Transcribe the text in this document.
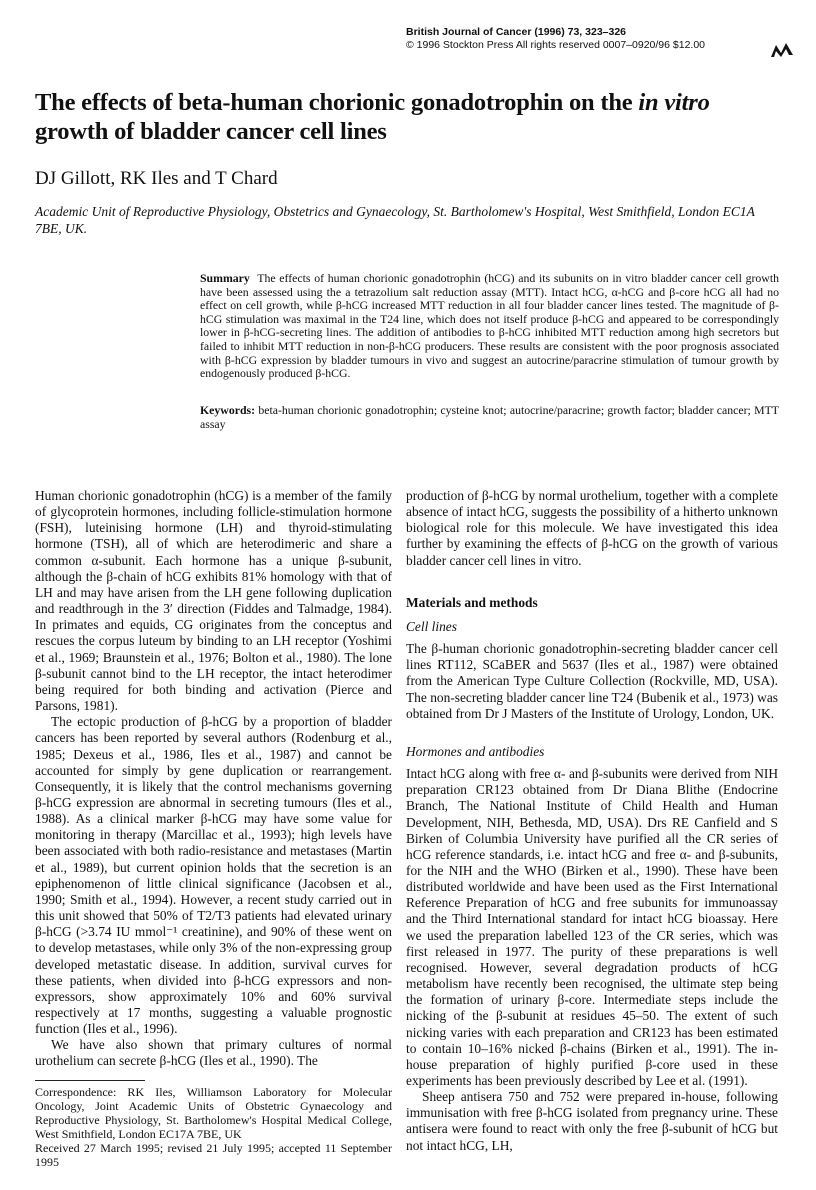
British Journal of Cancer (1996) 73, 323–326
© 1996 Stockton Press All rights reserved 0007–0920/96 $12.00
The effects of beta-human chorionic gonadotrophin on the in vitro growth of bladder cancer cell lines
DJ Gillott, RK Iles and T Chard
Academic Unit of Reproductive Physiology, Obstetrics and Gynaecology, St. Bartholomew's Hospital, West Smithfield, London EC1A 7BE, UK.
Summary The effects of human chorionic gonadotrophin (hCG) and its subunits on in vitro bladder cancer cell growth have been assessed using the a tetrazolium salt reduction assay (MTT). Intact hCG, α-hCG and β-core hCG all had no effect on cell growth, while β-hCG increased MTT reduction in all four bladder cancer lines tested. The magnitude of β-hCG stimulation was maximal in the T24 line, which does not itself produce β-hCG and appeared to be correspondingly lower in β-hCG-secreting lines. The addition of antibodies to β-hCG inhibited MTT reduction among high secretors but failed to inhibit MTT reduction in non-β-hCG producers. These results are consistent with the poor prognosis associated with β-hCG expression by bladder tumours in vivo and suggest an autocrine/paracrine stimulation of tumour growth by endogenously produced β-hCG.
Keywords: beta-human chorionic gonadotrophin; cysteine knot; autocrine/paracrine; growth factor; bladder cancer; MTT assay

Human chorionic gonadotrophin (hCG) is a member of the family of glycoprotein hormones, including follicle-stimulation hormone (FSH), luteinising hormone (LH) and thyroid-stimulating hormone (TSH), all of which are heterodimeric and share a common α-subunit. Each hormone has a unique β-subunit, although the β-chain of hCG exhibits 81% homology with that of LH and may have arisen from the LH gene following duplication and readthrough in the 3′ direction (Fiddes and Talmadge, 1984). In primates and equids, CG originates from the conceptus and rescues the corpus luteum by binding to an LH receptor (Yoshimi et al., 1969; Braunstein et al., 1976; Bolton et al., 1980). The lone β-subunit cannot bind to the LH receptor, the intact heterodimer being required for both binding and activation (Pierce and Parsons, 1981).

The ectopic production of β-hCG by a proportion of bladder cancers has been reported by several authors (Rodenburg et al., 1985; Dexeus et al., 1986, Iles et al., 1987) and cannot be accounted for simply by gene duplication or rearrangement. Consequently, it is likely that the control mechanisms governing β-hCG expression are abnormal in secreting tumours (Iles et al., 1988). As a clinical marker β-hCG may have some value for monitoring in therapy (Marcillac et al., 1993); high levels have been associated with both radio-resistance and metastases (Martin et al., 1989), but current opinion holds that the secretion is an epiphenomenon of little clinical significance (Jacobsen et al., 1990; Smith et al., 1994). However, a recent study carried out in this unit showed that 50% of T2/T3 patients had elevated urinary β-hCG (>3.74 IU mmol⁻¹ creatinine), and 90% of these went on to develop metastases, while only 3% of the non-expressing group developed metastatic disease. In addition, survival curves for these patients, when divided into β-hCG expressors and non-expressors, show approximately 10% and 60% survival respectively at 17 months, suggesting a valuable prognostic function (Iles et al., 1996).

We have also shown that primary cultures of normal urothelium can secrete β-hCG (Iles et al., 1990). The

production of β-hCG by normal urothelium, together with a complete absence of intact hCG, suggests the possibility of a hitherto unknown biological role for this molecule. We have investigated this idea further by examining the effects of β-hCG on the growth of various bladder cancer cell lines in vitro.

Materials and methods

Cell lines

The β-human chorionic gonadotrophin-secreting bladder cancer cell lines RT112, SCaBER and 5637 (Iles et al., 1987) were obtained from the American Type Culture Collection (Rockville, MD, USA). The non-secreting bladder cancer line T24 (Bubenik et al., 1973) was obtained from Dr J Masters of the Institute of Urology, London, UK.

Hormones and antibodies

Intact hCG along with free α- and β-subunits were derived from NIH preparation CR123 obtained from Dr Diana Blithe (Endocrine Branch, The National Institute of Child Health and Human Development, NIH, Bethesda, MD, USA). Drs RE Canfield and S Birken of Columbia University have purified all the CR series of hCG reference standards, i.e. intact hCG and free α- and β-subunits, for the NIH and the WHO (Birken et al., 1990). These have been distributed worldwide and have been used as the First International Reference Preparation of hCG and free subunits for immunoassay and the Third International standard for intact hCG bioassay. Here we used the preparation labelled 123 of the CR series, which was first released in 1977. The purity of these preparations is well recognised. However, several degradation products of hCG metabolism have recently been recognised, the ultimate step being the formation of urinary β-core. Intermediate steps include the nicking of the β-subunit at residues 45–50. The extent of such nicking varies with each preparation and CR123 has been estimated to contain 10–16% nicked β-chains (Birken et al., 1991). The in-house preparation of highly purified β-core used in these experiments has been previously described by Lee et al. (1991).

Sheep antisera 750 and 752 were prepared in-house, following immunisation with free β-hCG isolated from pregnancy urine. These antisera were found to react with only the free β-subunit of hCG but not intact hCG, LH,

Correspondence: RK Iles, Williamson Laboratory for Molecular Oncology, Joint Academic Units of Obstetric Gynaecology and Reproductive Physiology, St. Bartholomew's Hospital Medical College, West Smithfield, London EC17A 7BE, UK
Received 27 March 1995; revised 21 July 1995; accepted 11 September 1995
